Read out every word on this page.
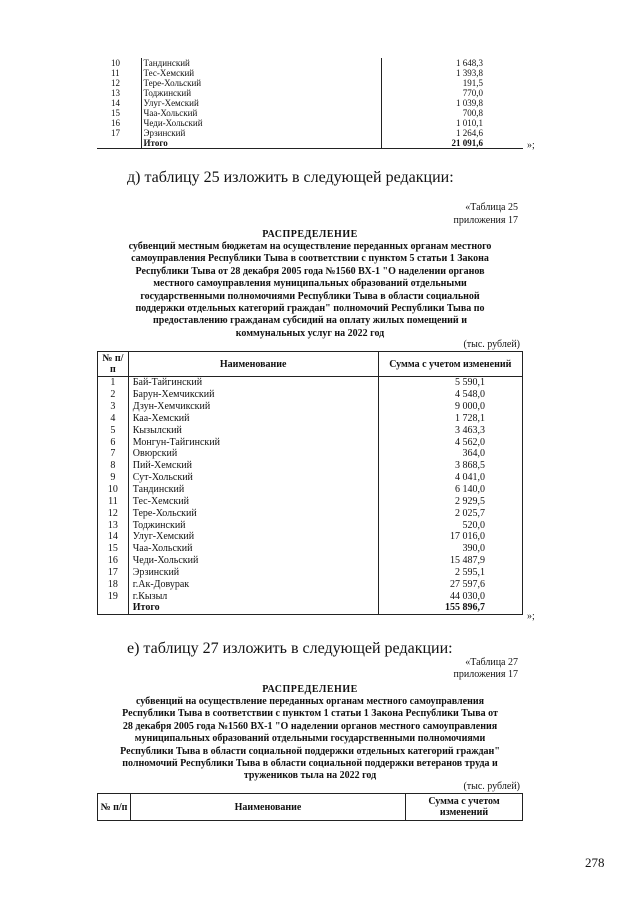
10	Тандинский	1 648,3
11	Тес-Хемский	1 393,8
12	Тере-Хольский	191,5
13	Тоджинский	770,0
14	Улуг-Хемский	1 039,8
15	Чаа-Хольский	700,8
16	Чеди-Хольский	1 010,1
17	Эрзинский	1 264,6
	Итого	21 091,6	»;
д) таблицу 25 изложить в следующей редакции:
«Таблица 25
приложения 17
РАСПРЕДЕЛЕНИЕ
субвенций местным бюджетам на осуществление переданных органам местного
самоуправления Республики Тыва в соответствии с пунктом 5 статьи 1 Закона
Республики Тыва от 28 декабря 2005 года №1560 ВХ-1 "О наделении органов
местного самоуправления муниципальных образований отдельными
государственными полномочиями Республики Тыва в области социальной
поддержки отдельных категорий граждан" полномочий Республики Тыва по
предоставлению гражданам субсидий на оплату жилых помещений и
коммунальных услуг на 2022 год
(тыс. рублей)
№ п/п	Наименование	Сумма с учетом изменений
1	Бай-Тайгинский	5 590,1
2	Барун-Хемчикский	4 548,0
3	Дзун-Хемчикский	9 000,0
4	Каа-Хемский	1 728,1
5	Кызылский	3 463,3
6	Монгун-Тайгинский	4 562,0
7	Овюрский	364,0
8	Пий-Хемский	3 868,5
9	Сут-Хольский	4 041,0
10	Тандинский	6 140,0
11	Тес-Хемский	2 929,5
12	Тере-Хольский	2 025,7
13	Тоджинский	520,0
14	Улуг-Хемский	17 016,0
15	Чаа-Хольский	390,0
16	Чеди-Хольский	15 487,9
17	Эрзинский	2 595,1
18	г.Ак-Довурак	27 597,6
19	г.Кызыл	44 030,0
	Итого	155 896,7
»;
е) таблицу 27 изложить в следующей редакции:
«Таблица 27
приложения 17
РАСПРЕДЕЛЕНИЕ
субвенций на осуществление переданных органам местного самоуправления
Республики Тыва в соответствии с пунктом 1 статьи 1 Закона Республики Тыва от
28 декабря 2005 года №1560 ВХ-1 "О наделении органов местного самоуправления
муниципальных образований отдельными государственными полномочиями
Республики Тыва в области социальной поддержки отдельных категорий граждан"
полномочий Республики Тыва в области социальной поддержки ветеранов труда и
тружеников тыла на 2022 год
(тыс. рублей)
№ п/п	Наименование	Сумма с учетом изменений
278
